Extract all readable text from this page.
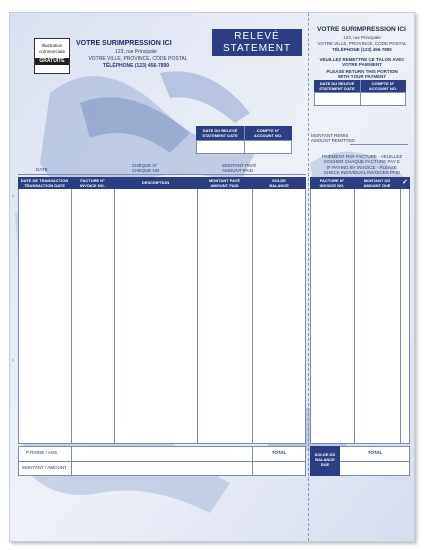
Illustration
commerciale
GRATUITE
VOTRE SURIMPRESSION ICI
123, rue Principale
VOTRE VILLE, PROVINCE, CODE POSTAL
TÉLÉPHONE (123) 456-7890
RELEVÉ
STATEMENT
DATE DU RELEVÉ
STATEMENT DATE
COMPTE N°
ACCOUNT NO.
DATE
CHÈQUE N°
CHEQUE NO.
MONTANT PAYÉ
AMOUNT PAID
DATE DE TRANSACTION
TRANSACTION DATE
FACTURE N°
INVOICE NO.
DESCRIPTION	MONTANT PAYÉ
AMOUNT PAID
SOLDE
BALANCE
›
›
P RIODE / AGE
MONTANT / AMOUNT
TOTAL
VOTRE SURIMPRESSION ICI
123, rue Principale
VOTRE VILLE, PROVINCE, CODE POSTAL
TÉLÉPHONE (123) 456-7890
VEUILLEZ REMETTRE CE TALON AVEC
VOTRE PAIEMENT
PLEASE RETURN THIS PORTION
WITH YOUR PAYMENT
DATE DU RELEVÉ
STATEMENT DATE
COMPTE N°
ACCOUNT NO.
MONTANT REMIS
AMOUNT REMITTED
PAIEMENT PAR FACTURE - VEUILLEZ
COCHER CHAQUE FACTURE PAY E
IF PAYING BY INVOICE - PLEASE
CHECK INDIVIDUAL INVOICES PAID
FACTURE N°
INVOICE NO.
MONTANT DÛ
AMOUNT DUE	✓
SOLDE DÛ
BALANCE
DUE
TOTAL
